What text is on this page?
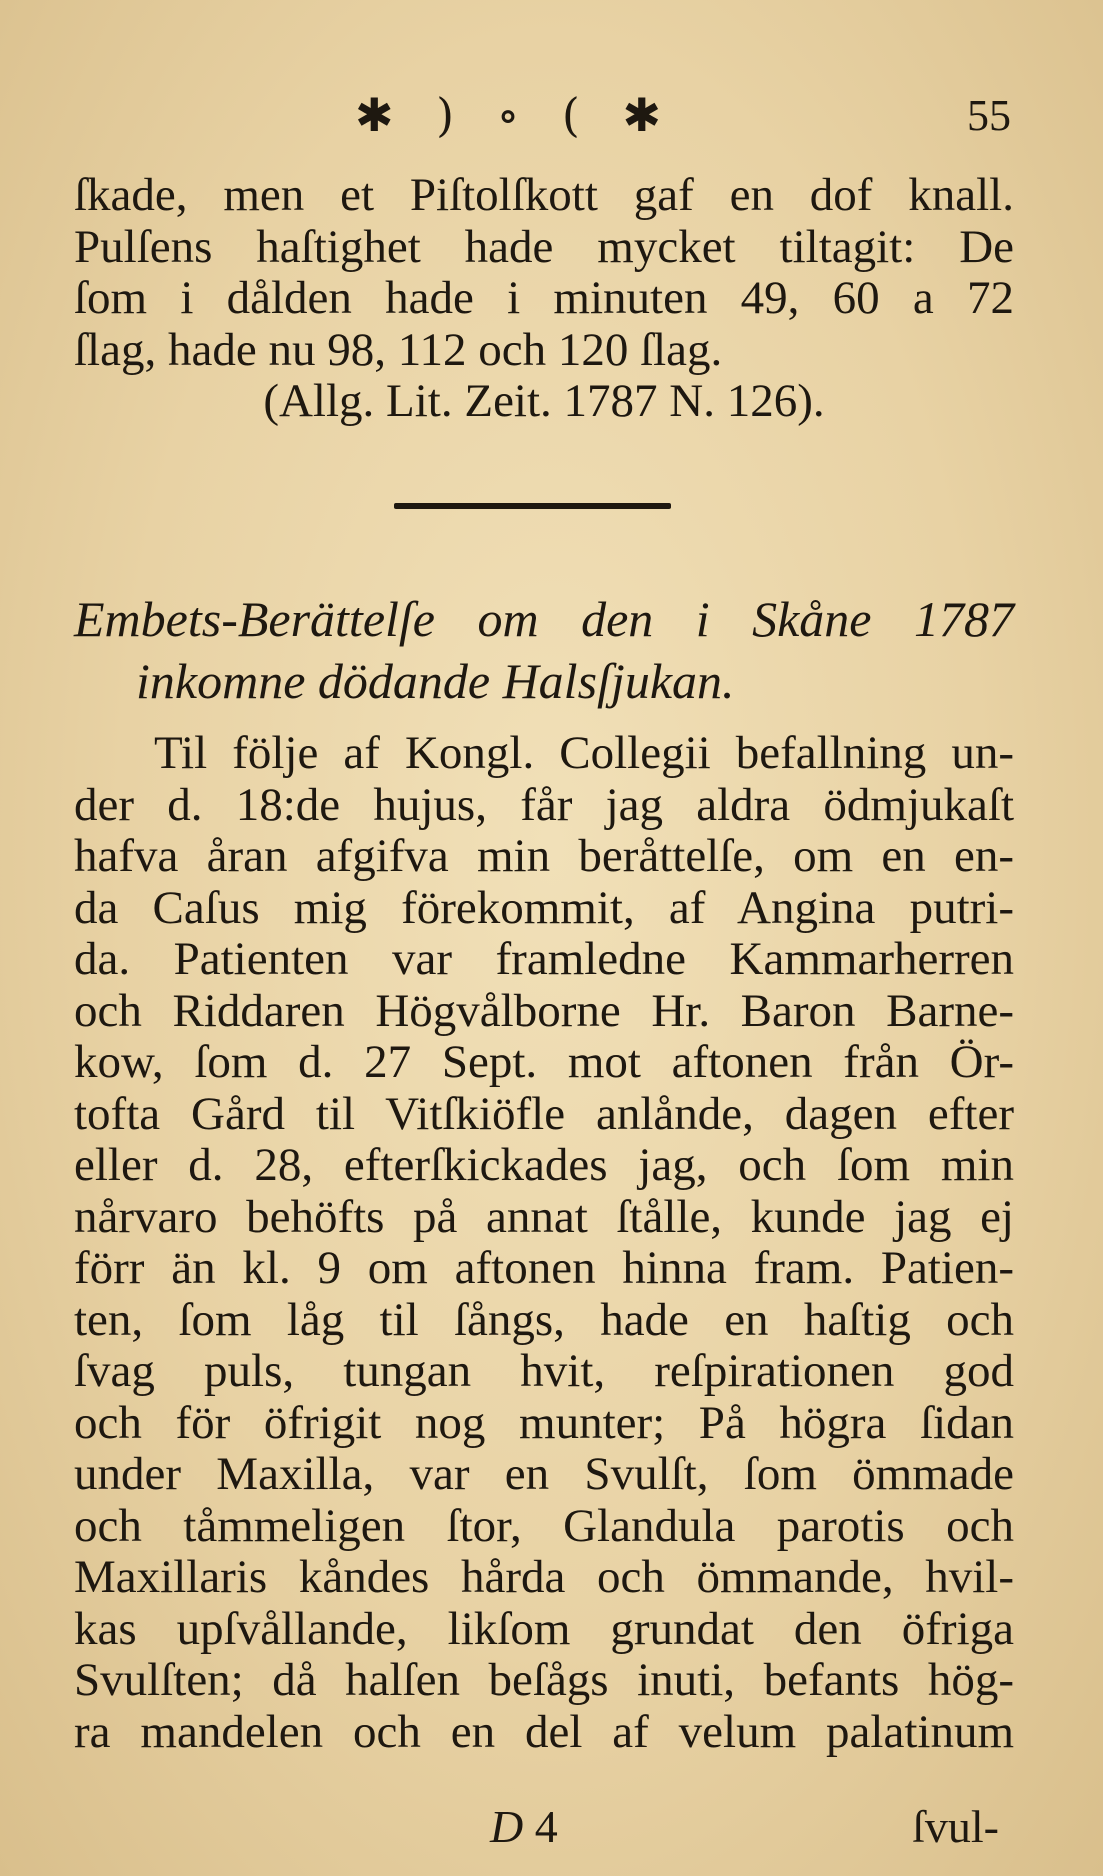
✱ ) ∘ ( ✱	55
ſkade, men et Piſtolſkott gaf en dof knall.
Pulſens haſtighet hade mycket tiltagit: De
ſom i dålden hade i minuten 49, 60 a 72
ſlag, hade nu 98, 112 och 120 ſlag.
(Allg. Lit. Zeit. 1787 N. 126).
Embets-Berättelſe om den i Skåne 1787
inkomne dödande Halsſjukan.
Til följe af Kongl. Collegii befallning un-
der d. 18:de hujus, får jag aldra ödmjukaſt
hafva åran afgifva min beråttelſe, om en en-
da Caſus mig förekommit, af Angina putri-
da. Patienten var framledne Kammarherren
och Riddaren Högvålborne Hr. Baron Barne-
kow, ſom d. 27 Sept. mot aftonen från Ör-
tofta Gård til Vitſkiöfle anlånde, dagen efter
eller d. 28, efterſkickades jag, och ſom min
nårvaro behöfts på annat ſtålle, kunde jag ej
förr än kl. 9 om aftonen hinna fram. Patien-
ten, ſom låg til ſångs, hade en haſtig och
ſvag puls, tungan hvit, reſpirationen god
och för öfrigit nog munter; På högra ſidan
under Maxilla, var en Svulſt, ſom ömmade
och tåmmeligen ſtor, Glandula parotis och
Maxillaris kåndes hårda och ömmande, hvil-
kas upſvållande, likſom grundat den öfriga
Svulſten; då halſen beſågs inuti, befants hög-
ra mandelen och en del af velum palatinum
D 4	ſvul-
